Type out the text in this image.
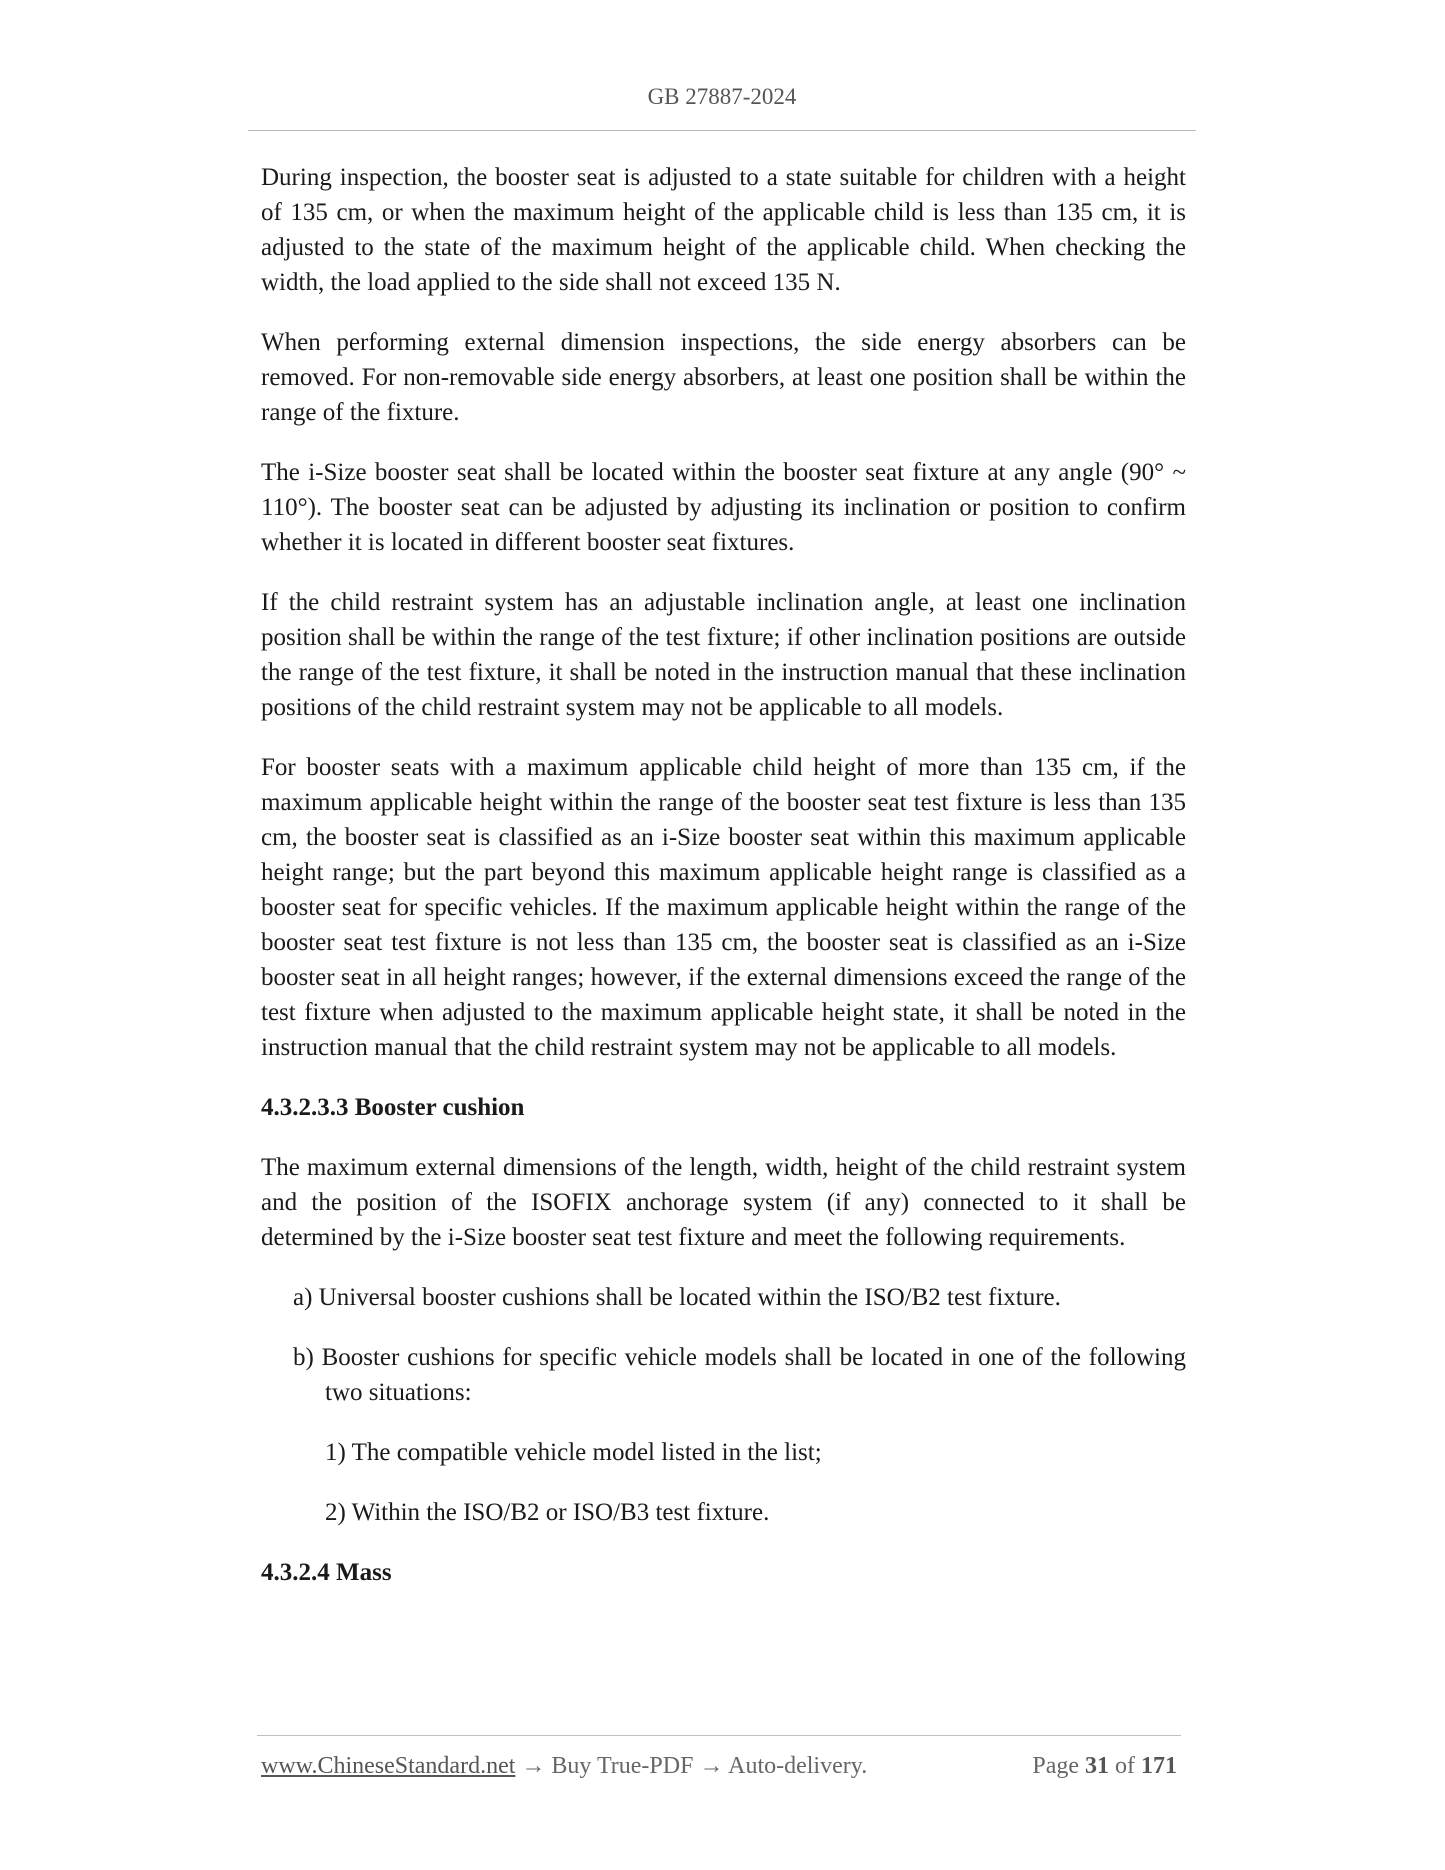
GB 27887-2024

During inspection, the booster seat is adjusted to a state suitable for children with a height of 135 cm, or when the maximum height of the applicable child is less than 135 cm, it is adjusted to the state of the maximum height of the applicable child. When checking the width, the load applied to the side shall not exceed 135 N.

When performing external dimension inspections, the side energy absorbers can be removed. For non-removable side energy absorbers, at least one position shall be within the range of the fixture.

The i-Size booster seat shall be located within the booster seat fixture at any angle (90° ~ 110°). The booster seat can be adjusted by adjusting its inclination or position to confirm whether it is located in different booster seat fixtures.

If the child restraint system has an adjustable inclination angle, at least one inclination position shall be within the range of the test fixture; if other inclination positions are outside the range of the test fixture, it shall be noted in the instruction manual that these inclination positions of the child restraint system may not be applicable to all models.

For booster seats with a maximum applicable child height of more than 135 cm, if the maximum applicable height within the range of the booster seat test fixture is less than 135 cm, the booster seat is classified as an i-Size booster seat within this maximum applicable height range; but the part beyond this maximum applicable height range is classified as a booster seat for specific vehicles. If the maximum applicable height within the range of the booster seat test fixture is not less than 135 cm, the booster seat is classified as an i-Size booster seat in all height ranges; however, if the external dimensions exceed the range of the test fixture when adjusted to the maximum applicable height state, it shall be noted in the instruction manual that the child restraint system may not be applicable to all models.

4.3.2.3.3 Booster cushion

The maximum external dimensions of the length, width, height of the child restraint system and the position of the ISOFIX anchorage system (if any) connected to it shall be determined by the i-Size booster seat test fixture and meet the following requirements.

a) Universal booster cushions shall be located within the ISO/B2 test fixture.

b) Booster cushions for specific vehicle models shall be located in one of the following two situations:

1) The compatible vehicle model listed in the list;

2) Within the ISO/B2 or ISO/B3 test fixture.

4.3.2.4 Mass
www.ChineseStandard.net → Buy True-PDF → Auto-delivery.	Page 31 of 171
